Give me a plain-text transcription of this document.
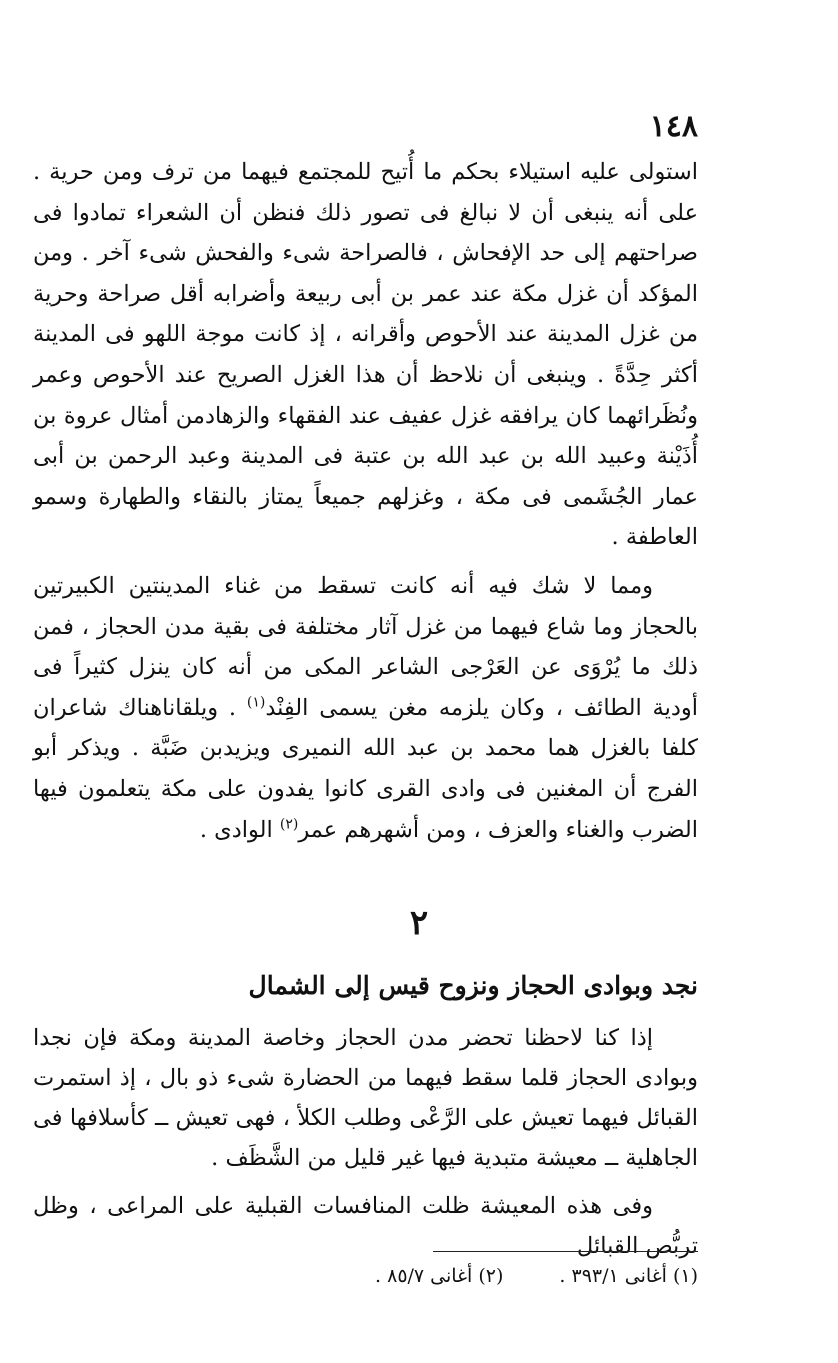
١٤٨

استولى عليه استيلاء بحكم ما أُتيح للمجتمع فيهما من ترف ومن حرية . على أنه ينبغى أن لا نبالغ فى تصور ذلك فنظن أن الشعراء تمادوا فى صراحتهم إلى حد الإفحاش ، فالصراحة شىء والفحش شىء آخر . ومن المؤكد أن غزل مكة عند عمر بن أبى ربيعة وأضرابه أقل صراحة وحرية من غزل المدينة عند الأحوص وأقرانه ، إذ كانت موجة اللهو فى المدينة أكثر حِدَّةً . وينبغى أن نلاحظ أن هذا الغزل الصريح عند الأحوص وعمر ونُظَرائهما كان يرافقه غزل عفيف عند الفقهاء والزهادمن أمثال عروة بن أُذَيْنة وعبيد الله بن عبد الله بن عتبة فى المدينة وعبد الرحمن بن أبى عمار الجُشَمى فى مكة ، وغزلهم جميعاً يمتاز بالنقاء والطهارة وسمو العاطفة .

ومما لا شك فيه أنه كانت تسقط من غناء المدينتين الكبيرتين بالحجاز وما شاع فيهما من غزل آثار مختلفة فى بقية مدن الحجاز ، فمن ذلك ما يُرْوَى عن العَرْجى الشاعر المكى من أنه كان ينزل كثيراً فى أودية الطائف ، وكان يلزمه مغن يسمى الفِنْد$^{(١)}$ . ويلقاناهناك شاعران كلفا بالغزل هما محمد بن عبد الله النميرى ويزيدبن ضَبَّة . ويذكر أبو الفرج أن المغنين فى وادى القرى كانوا يفدون على مكة يتعلمون فيها الضرب والغناء والعزف ، ومن أشهرهم عمر$^{(٢)}$ الوادى .

٢
نجد وبوادى الحجاز ونزوح قيس إلى الشمال

إذا كنا لاحظنا تحضر مدن الحجاز وخاصة المدينة ومكة فإن نجدا وبوادى الحجاز قلما سقط فيهما من الحضارة شىء ذو بال ، إذ استمرت القبائل فيهما تعيش على الرَّعْى وطلب الكلأ ، فهى تعيش ــ كأسلافها فى الجاهلية ــ معيشة متبدية فيها غير قليل من الشَّظَف .

وفى هذه المعيشة ظلت المنافسات القبلية على المراعى ، وظل تربُّص القبائل

(١) أغانى ٣٩٣/١ .
(٢) أغانى ٨٥/٧ .
